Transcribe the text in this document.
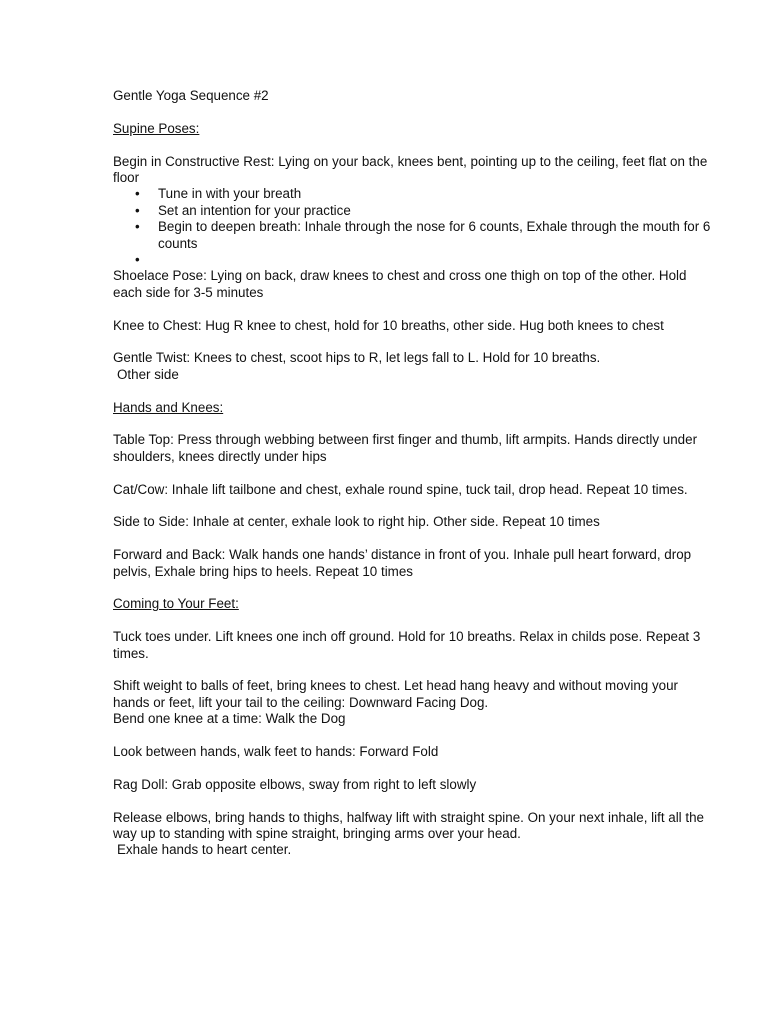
Gentle Yoga Sequence #2

Supine Poses:

Begin in Constructive Rest: Lying on your back, knees bent, pointing up to the ceiling, feet flat on the floor

• Tune in with your breath
• Set an intention for your practice
• Begin to deepen breath: Inhale through the nose for 6 counts, Exhale through the mouth for 6 counts
•

Shoelace Pose: Lying on back, draw knees to chest and cross one thigh on top of the other. Hold each side for 3-5 minutes

Knee to Chest: Hug R knee to chest, hold for 10 breaths, other side. Hug both knees to chest

Gentle Twist: Knees to chest, scoot hips to R, let legs fall to L. Hold for 10 breaths.
Other side

Hands and Knees:

Table Top: Press through webbing between first finger and thumb, lift armpits. Hands directly under shoulders, knees directly under hips

Cat/Cow: Inhale lift tailbone and chest, exhale round spine, tuck tail, drop head. Repeat 10 times.

Side to Side: Inhale at center, exhale look to right hip. Other side. Repeat 10 times

Forward and Back: Walk hands one hands’ distance in front of you. Inhale pull heart forward, drop pelvis, Exhale bring hips to heels. Repeat 10 times

Coming to Your Feet:

Tuck toes under. Lift knees one inch off ground. Hold for 10 breaths. Relax in childs pose. Repeat 3 times.

Shift weight to balls of feet, bring knees to chest. Let head hang heavy and without moving your hands or feet, lift your tail to the ceiling: Downward Facing Dog.
Bend one knee at a time: Walk the Dog

Look between hands, walk feet to hands: Forward Fold

Rag Doll: Grab opposite elbows, sway from right to left slowly

Release elbows, bring hands to thighs, halfway lift with straight spine. On your next inhale, lift all the way up to standing with spine straight, bringing arms over your head.
Exhale hands to heart center.
